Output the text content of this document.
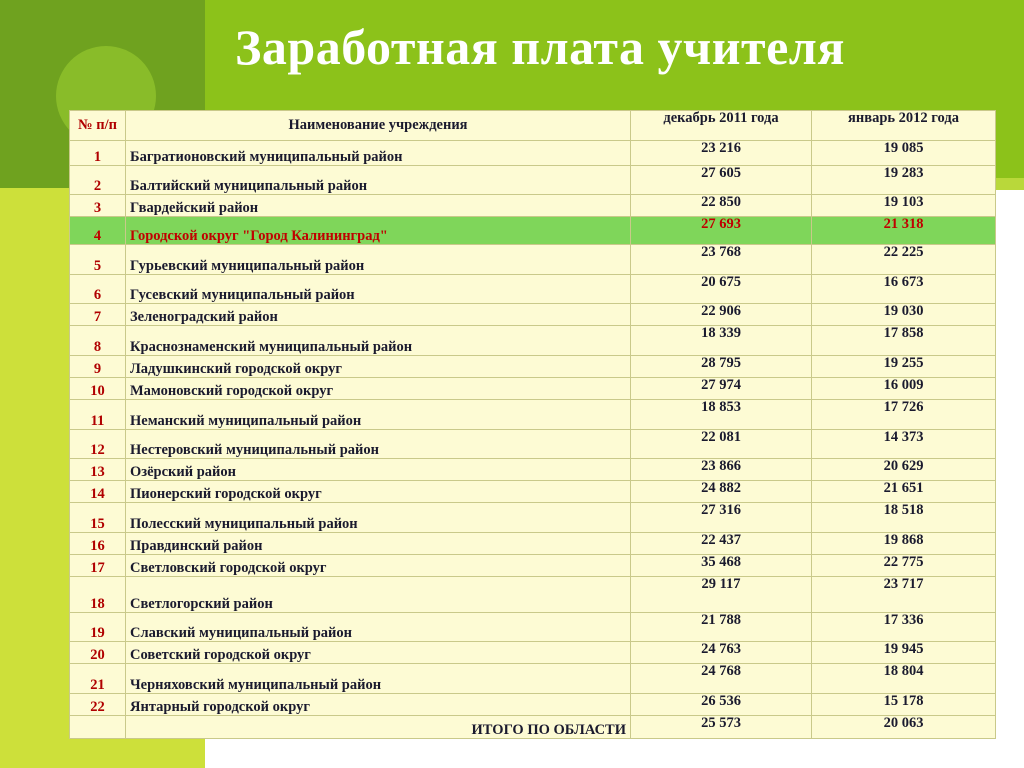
Заработная плата учителя
№ п/п	Наименование учреждения	декабрь 2011 года	январь 2012 года
1	Багратионовский муниципальный район	23 216	19 085
2	Балтийский муниципальный район	27 605	19 283
3	Гвардейский район	22 850	19 103
4	Городской округ "Город Калининград"	27 693	21 318
5	Гурьевский муниципальный район	23 768	22 225
6	Гусевский муниципальный район	20 675	16 673
7	Зеленоградский район	22 906	19 030
8	Краснознаменский муниципальный район	18 339	17 858
9	Ладушкинский городской округ	28 795	19 255
10	Мамоновский городской округ	27 974	16 009
11	Неманский муниципальный район	18 853	17 726
12	Нестеровский муниципальный район	22 081	14 373
13	Озёрский район	23 866	20 629
14	Пионерский городской округ	24 882	21 651
15	Полесский муниципальный район	27 316	18 518
16	Правдинский район	22 437	19 868
17	Светловский городской округ	35 468	22 775
18	Светлогорский район	29 117	23 717
19	Славский муниципальный район	21 788	17 336
20	Советский городской округ	24 763	19 945
21	Черняховский муниципальный район	24 768	18 804
22	Янтарный городской округ	26 536	15 178
	ИТОГО ПО ОБЛАСТИ	25 573	20 063
